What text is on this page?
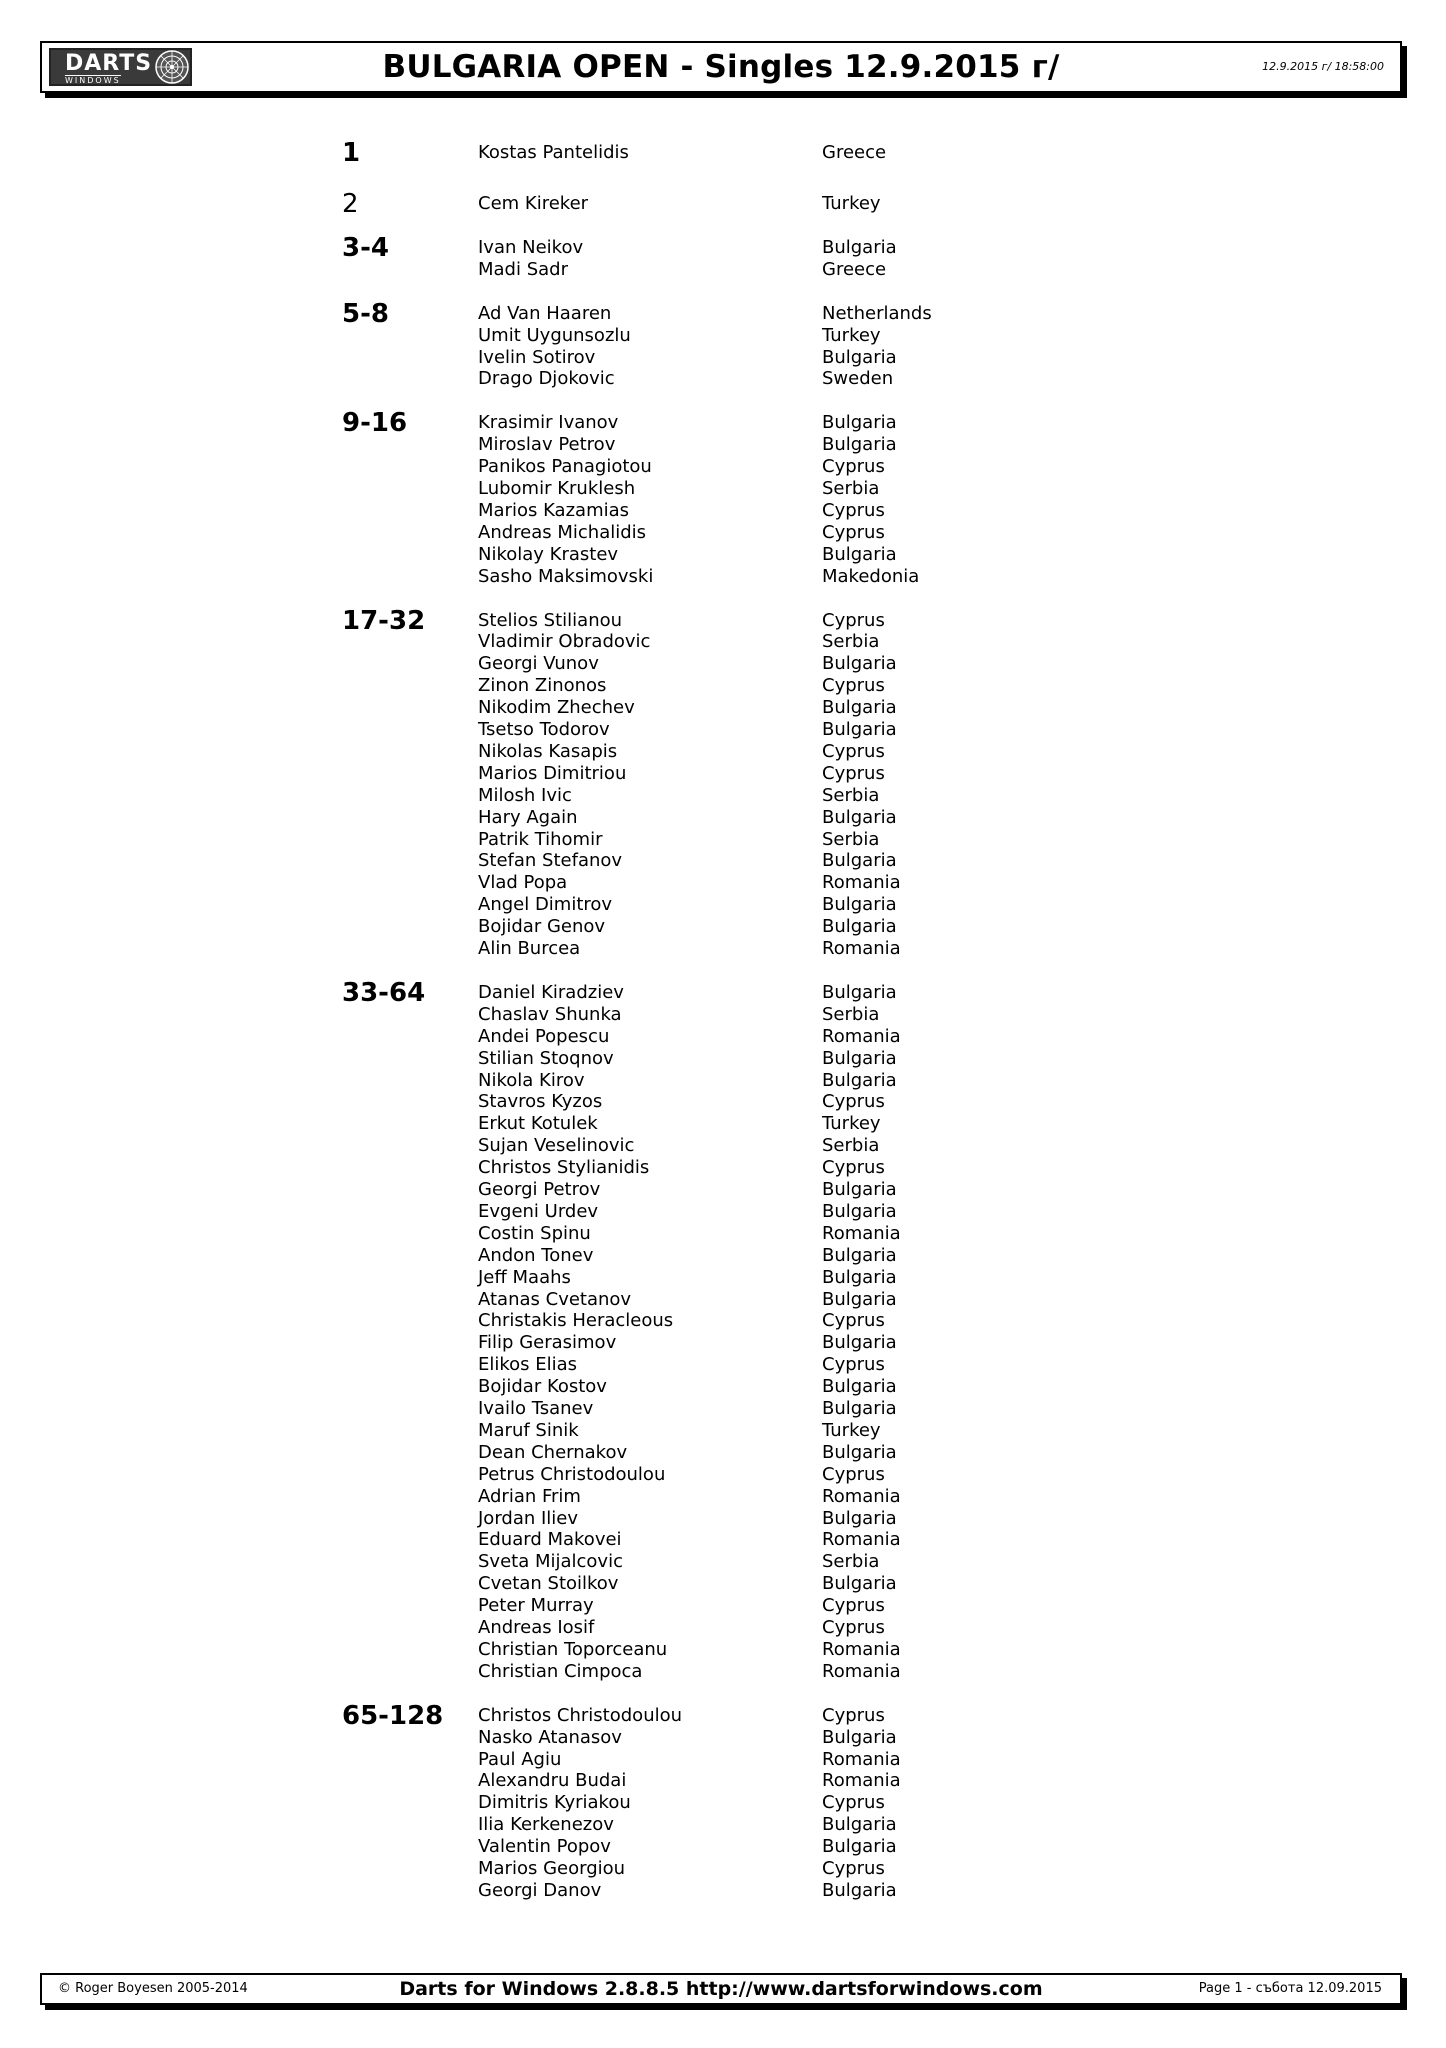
DARTS
WINDOWS	BULGARIA OPEN - Singles 12.9.2015 г/	12.9.2015 г/ 18:58:00
1	Kostas Pantelidis	Greece
2	Cem Kireker	Turkey
3-4	Ivan Neikov	Bulgaria
Madi Sadr	Greece
5-8	Ad Van Haaren	Netherlands
Umit Uygunsozlu	Turkey
Ivelin Sotirov	Bulgaria
Drago Djokovic	Sweden
9-16	Krasimir Ivanov	Bulgaria
Miroslav Petrov	Bulgaria
Panikos Panagiotou	Cyprus
Lubomir Kruklesh	Serbia
Marios Kazamias	Cyprus
Andreas Michalidis	Cyprus
Nikolay Krastev	Bulgaria
Sasho Maksimovski	Makedonia
17-32	Stelios Stilianou	Cyprus
Vladimir Obradovic	Serbia
Georgi Vunov	Bulgaria
Zinon Zinonos	Cyprus
Nikodim Zhechev	Bulgaria
Tsetso Todorov	Bulgaria
Nikolas Kasapis	Cyprus
Marios Dimitriou	Cyprus
Milosh Ivic	Serbia
Hary Again	Bulgaria
Patrik Tihomir	Serbia
Stefan Stefanov	Bulgaria
Vlad Popa	Romania
Angel Dimitrov	Bulgaria
Bojidar Genov	Bulgaria
Alin Burcea	Romania
33-64	Daniel Kiradziev	Bulgaria
Chaslav Shunka	Serbia
Andei Popescu	Romania
Stilian Stoqnov	Bulgaria
Nikola Kirov	Bulgaria
Stavros Kyzos	Cyprus
Erkut Kotulek	Turkey
Sujan Veselinovic	Serbia
Christos Stylianidis	Cyprus
Georgi Petrov	Bulgaria
Evgeni Urdev	Bulgaria
Costin Spinu	Romania
Andon Tonev	Bulgaria
Jeff Maahs	Bulgaria
Atanas Cvetanov	Bulgaria
Christakis Heracleous	Cyprus
Filip Gerasimov	Bulgaria
Elikos Elias	Cyprus
Bojidar Kostov	Bulgaria
Ivailo Tsanev	Bulgaria
Maruf Sinik	Turkey
Dean Chernakov	Bulgaria
Petrus Christodoulou	Cyprus
Adrian Frim	Romania
Jordan Iliev	Bulgaria
Eduard Makovei	Romania
Sveta Mijalcovic	Serbia
Cvetan Stoilkov	Bulgaria
Peter Murray	Cyprus
Andreas Iosif	Cyprus
Christian Toporceanu	Romania
Christian Cimpoca	Romania
65-128	Christos Christodoulou	Cyprus
Nasko Atanasov	Bulgaria
Paul Agiu	Romania
Alexandru Budai	Romania
Dimitris Kyriakou	Cyprus
Ilia Kerkenezov	Bulgaria
Valentin Popov	Bulgaria
Marios Georgiou	Cyprus
Georgi Danov	Bulgaria
© Roger Boyesen 2005-2014	Darts for Windows 2.8.8.5 http://www.dartsforwindows.com	Page 1 - събота 12.09.2015
